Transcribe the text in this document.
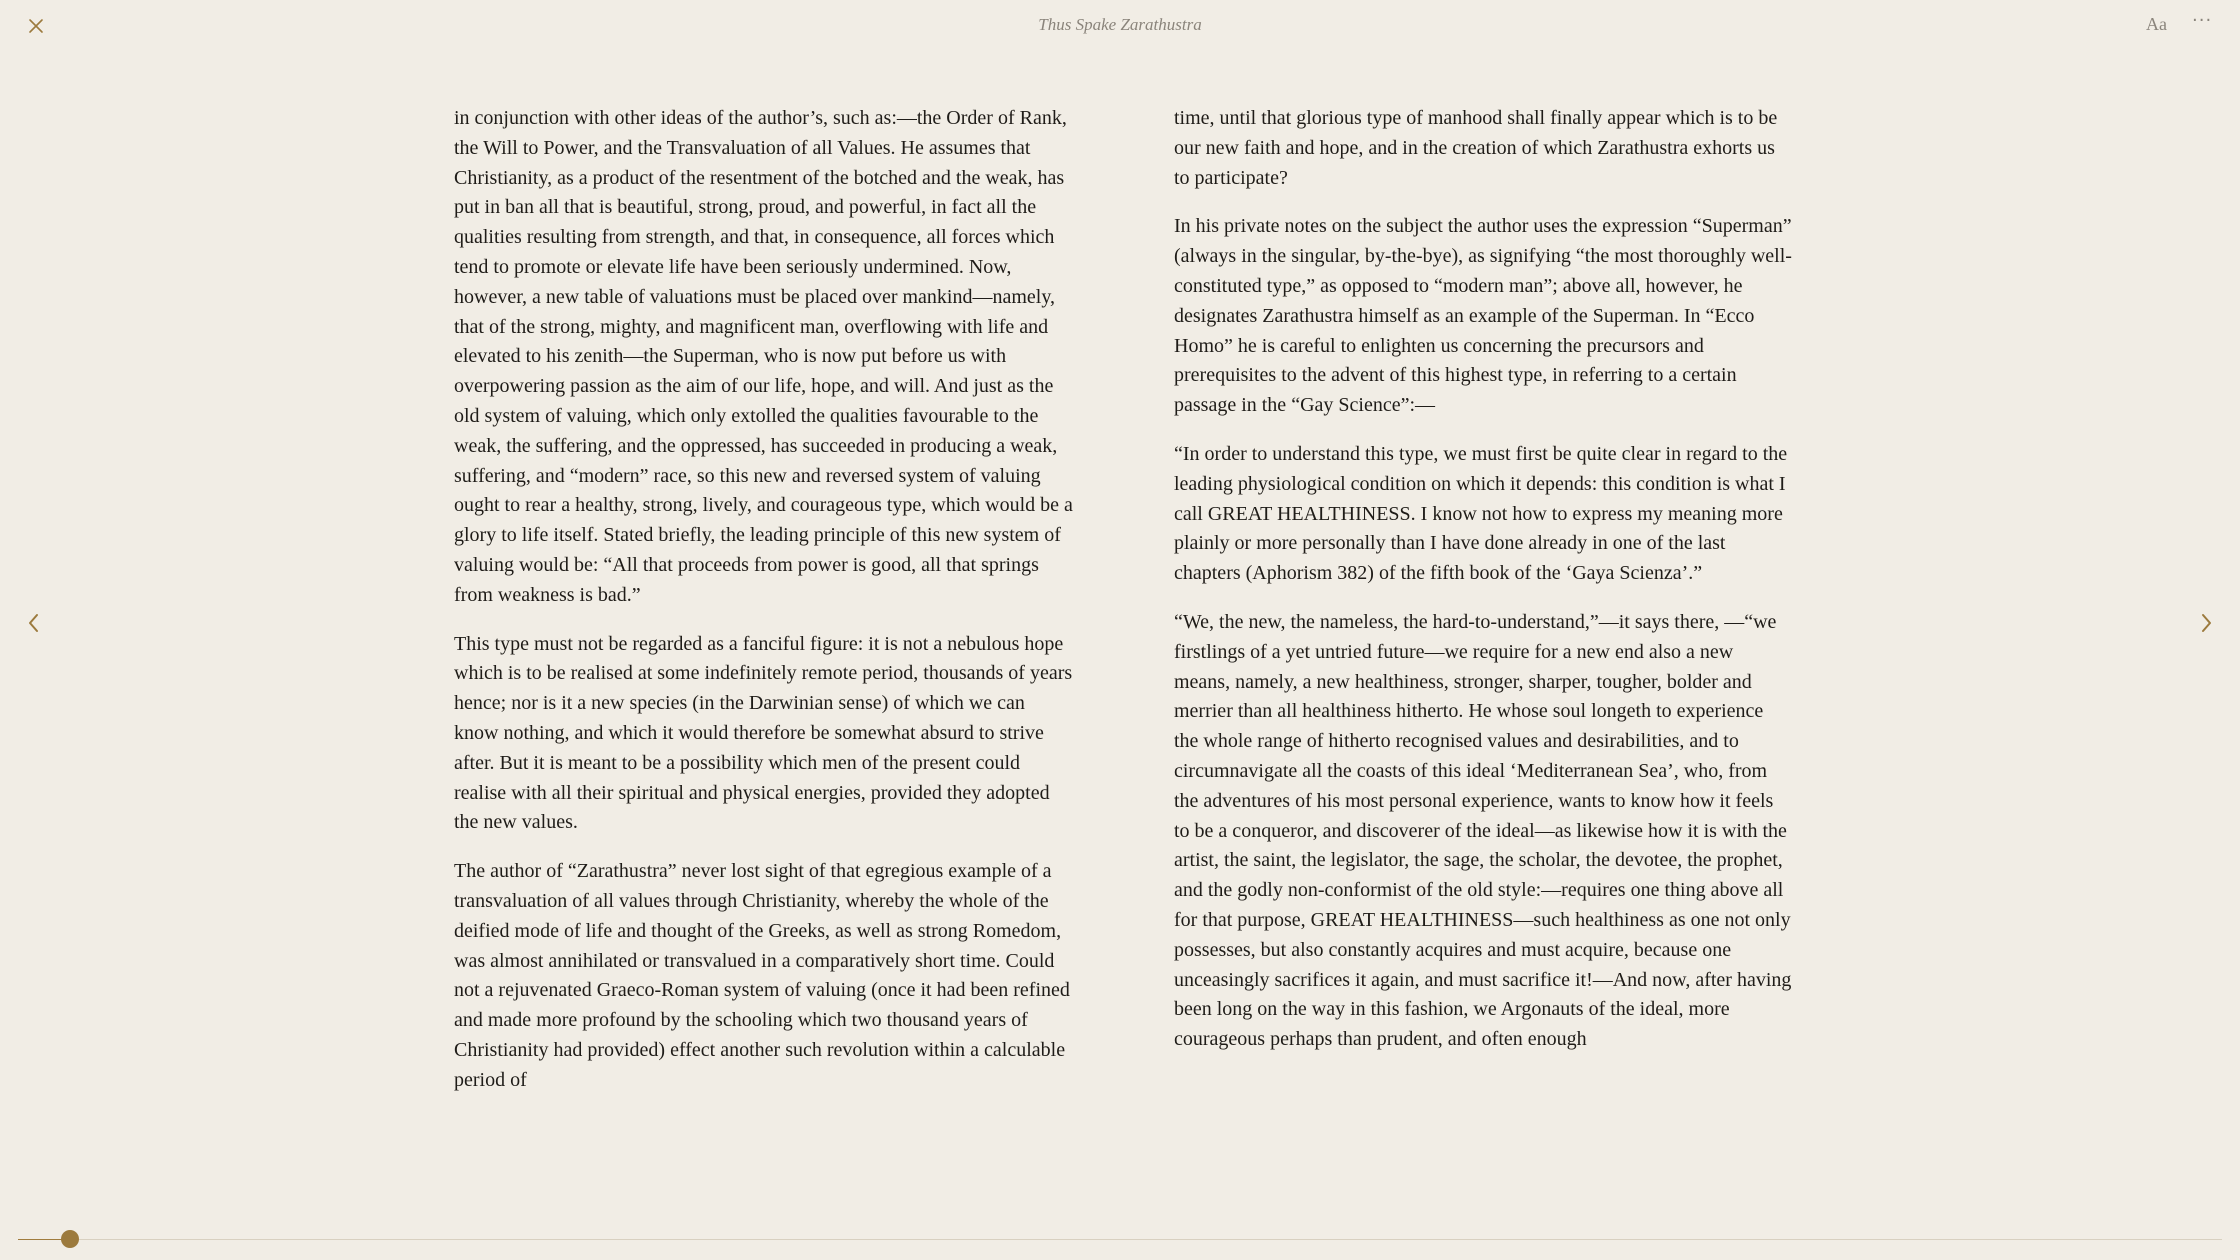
Thus Spake Zarathustra	Aa ···

in conjunction with other ideas of the author’s, such as:—the Order of Rank, the Will to Power, and the Transvaluation of all Values. He assumes that Christianity, as a product of the resentment of the botched and the weak, has put in ban all that is beautiful, strong, proud, and powerful, in fact all the qualities resulting from strength, and that, in consequence, all forces which tend to promote or elevate life have been seriously undermined. Now, however, a new table of valuations must be placed over mankind—namely, that of the strong, mighty, and magnificent man, overflowing with life and elevated to his zenith—the Superman, who is now put before us with overpowering passion as the aim of our life, hope, and will. And just as the old system of valuing, which only extolled the qualities favourable to the weak, the suffering, and the oppressed, has succeeded in producing a weak, suffering, and “modern” race, so this new and reversed system of valuing ought to rear a healthy, strong, lively, and courageous type, which would be a glory to life itself. Stated briefly, the leading principle of this new system of valuing would be: “All that proceeds from power is good, all that springs from weakness is bad.”

This type must not be regarded as a fanciful figure: it is not a nebulous hope which is to be realised at some indefinitely remote period, thousands of years hence; nor is it a new species (in the Darwinian sense) of which we can know nothing, and which it would therefore be somewhat absurd to strive after. But it is meant to be a possibility which men of the present could realise with all their spiritual and physical energies, provided they adopted the new values.

The author of “Zarathustra” never lost sight of that egregious example of a transvaluation of all values through Christianity, whereby the whole of the deified mode of life and thought of the Greeks, as well as strong Romedom, was almost annihilated or transvalued in a comparatively short time. Could not a rejuvenated Graeco-Roman system of valuing (once it had been refined and made more profound by the schooling which two thousand years of Christianity had provided) effect another such revolution within a calculable period of

time, until that glorious type of manhood shall finally appear which is to be our new faith and hope, and in the creation of which Zarathustra exhorts us to participate?

In his private notes on the subject the author uses the expression “Superman” (always in the singular, by-the-bye), as signifying “the most thoroughly well-constituted type,” as opposed to “modern man”; above all, however, he designates Zarathustra himself as an example of the Superman. In “Ecco Homo” he is careful to enlighten us concerning the precursors and prerequisites to the advent of this highest type, in referring to a certain passage in the “Gay Science”:—

“In order to understand this type, we must first be quite clear in regard to the leading physiological condition on which it depends: this condition is what I call GREAT HEALTHINESS. I know not how to express my meaning more plainly or more personally than I have done already in one of the last chapters (Aphorism 382) of the fifth book of the ‘Gaya Scienza’.”

“We, the new, the nameless, the hard-to-understand,”—it says there, —“we firstlings of a yet untried future—we require for a new end also a new means, namely, a new healthiness, stronger, sharper, tougher, bolder and merrier than all healthiness hitherto. He whose soul longeth to experience the whole range of hitherto recognised values and desirabilities, and to circumnavigate all the coasts of this ideal ‘Mediterranean Sea’, who, from the adventures of his most personal experience, wants to know how it feels to be a conqueror, and discoverer of the ideal—as likewise how it is with the artist, the saint, the legislator, the sage, the scholar, the devotee, the prophet, and the godly non-conformist of the old style:—requires one thing above all for that purpose, GREAT HEALTHINESS—such healthiness as one not only possesses, but also constantly acquires and must acquire, because one unceasingly sacrifices it again, and must sacrifice it!—And now, after having been long on the way in this fashion, we Argonauts of the ideal, more courageous perhaps than prudent, and often enough
